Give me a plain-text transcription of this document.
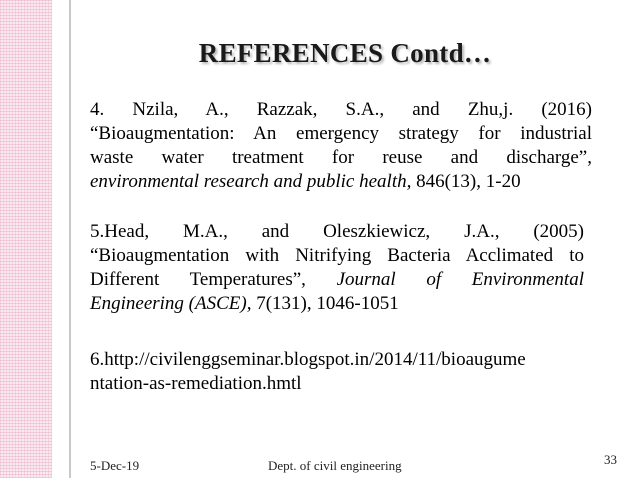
REFERENCES Contd…
4. Nzila, A., Razzak, S.A., and Zhu,j. (2016)
“Bioaugmentation: An emergency strategy for industrial
waste water treatment for reuse and discharge”,
environmental research and public health, 846(13), 1-20
5.Head, M.A., and Oleszkiewicz, J.A., (2005)
“Bioaugmentation with Nitrifying Bacteria Acclimated to
Different Temperatures”, Journal of Environmental
Engineering (ASCE), 7(131), 1046-1051
6.http://civilenggseminar.blogspot.in/2014/11/bioaugume
ntation-as-remediation.hmtl

5-Dec-19	Dept. of civil engineering	33
